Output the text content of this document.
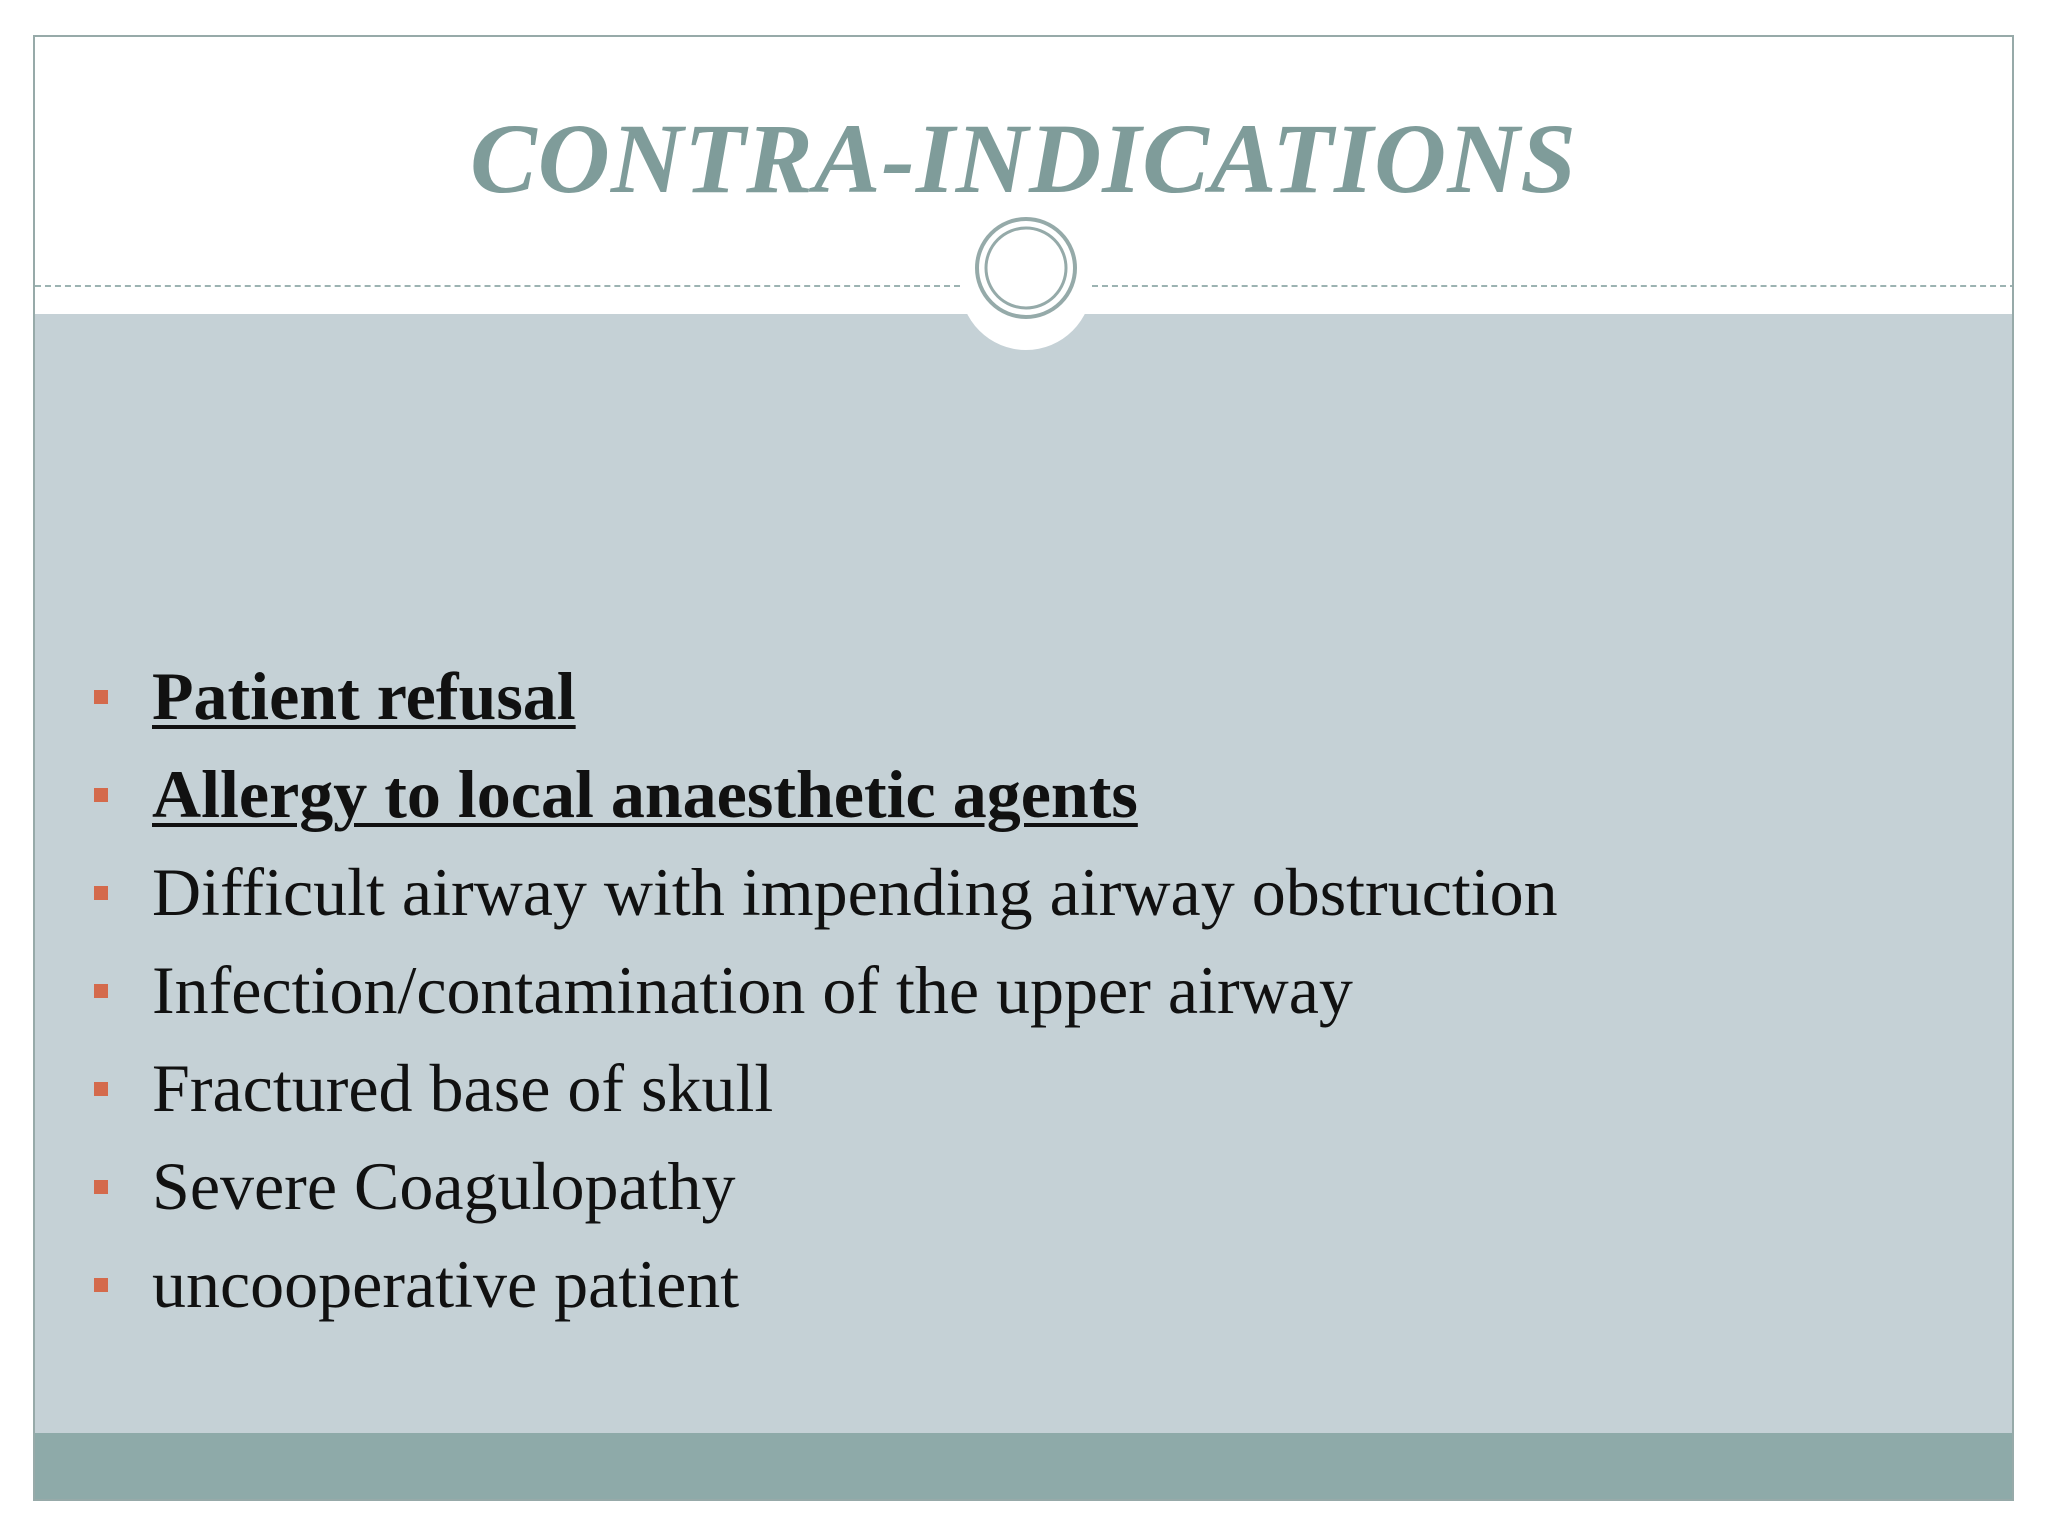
CONTRA-INDICATIONS
Patient refusal
Allergy to local anaesthetic agents
Difficult airway with impending airway obstruction
Infection/contamination of the upper airway
Fractured base of skull
Severe Coagulopathy
uncooperative patient
